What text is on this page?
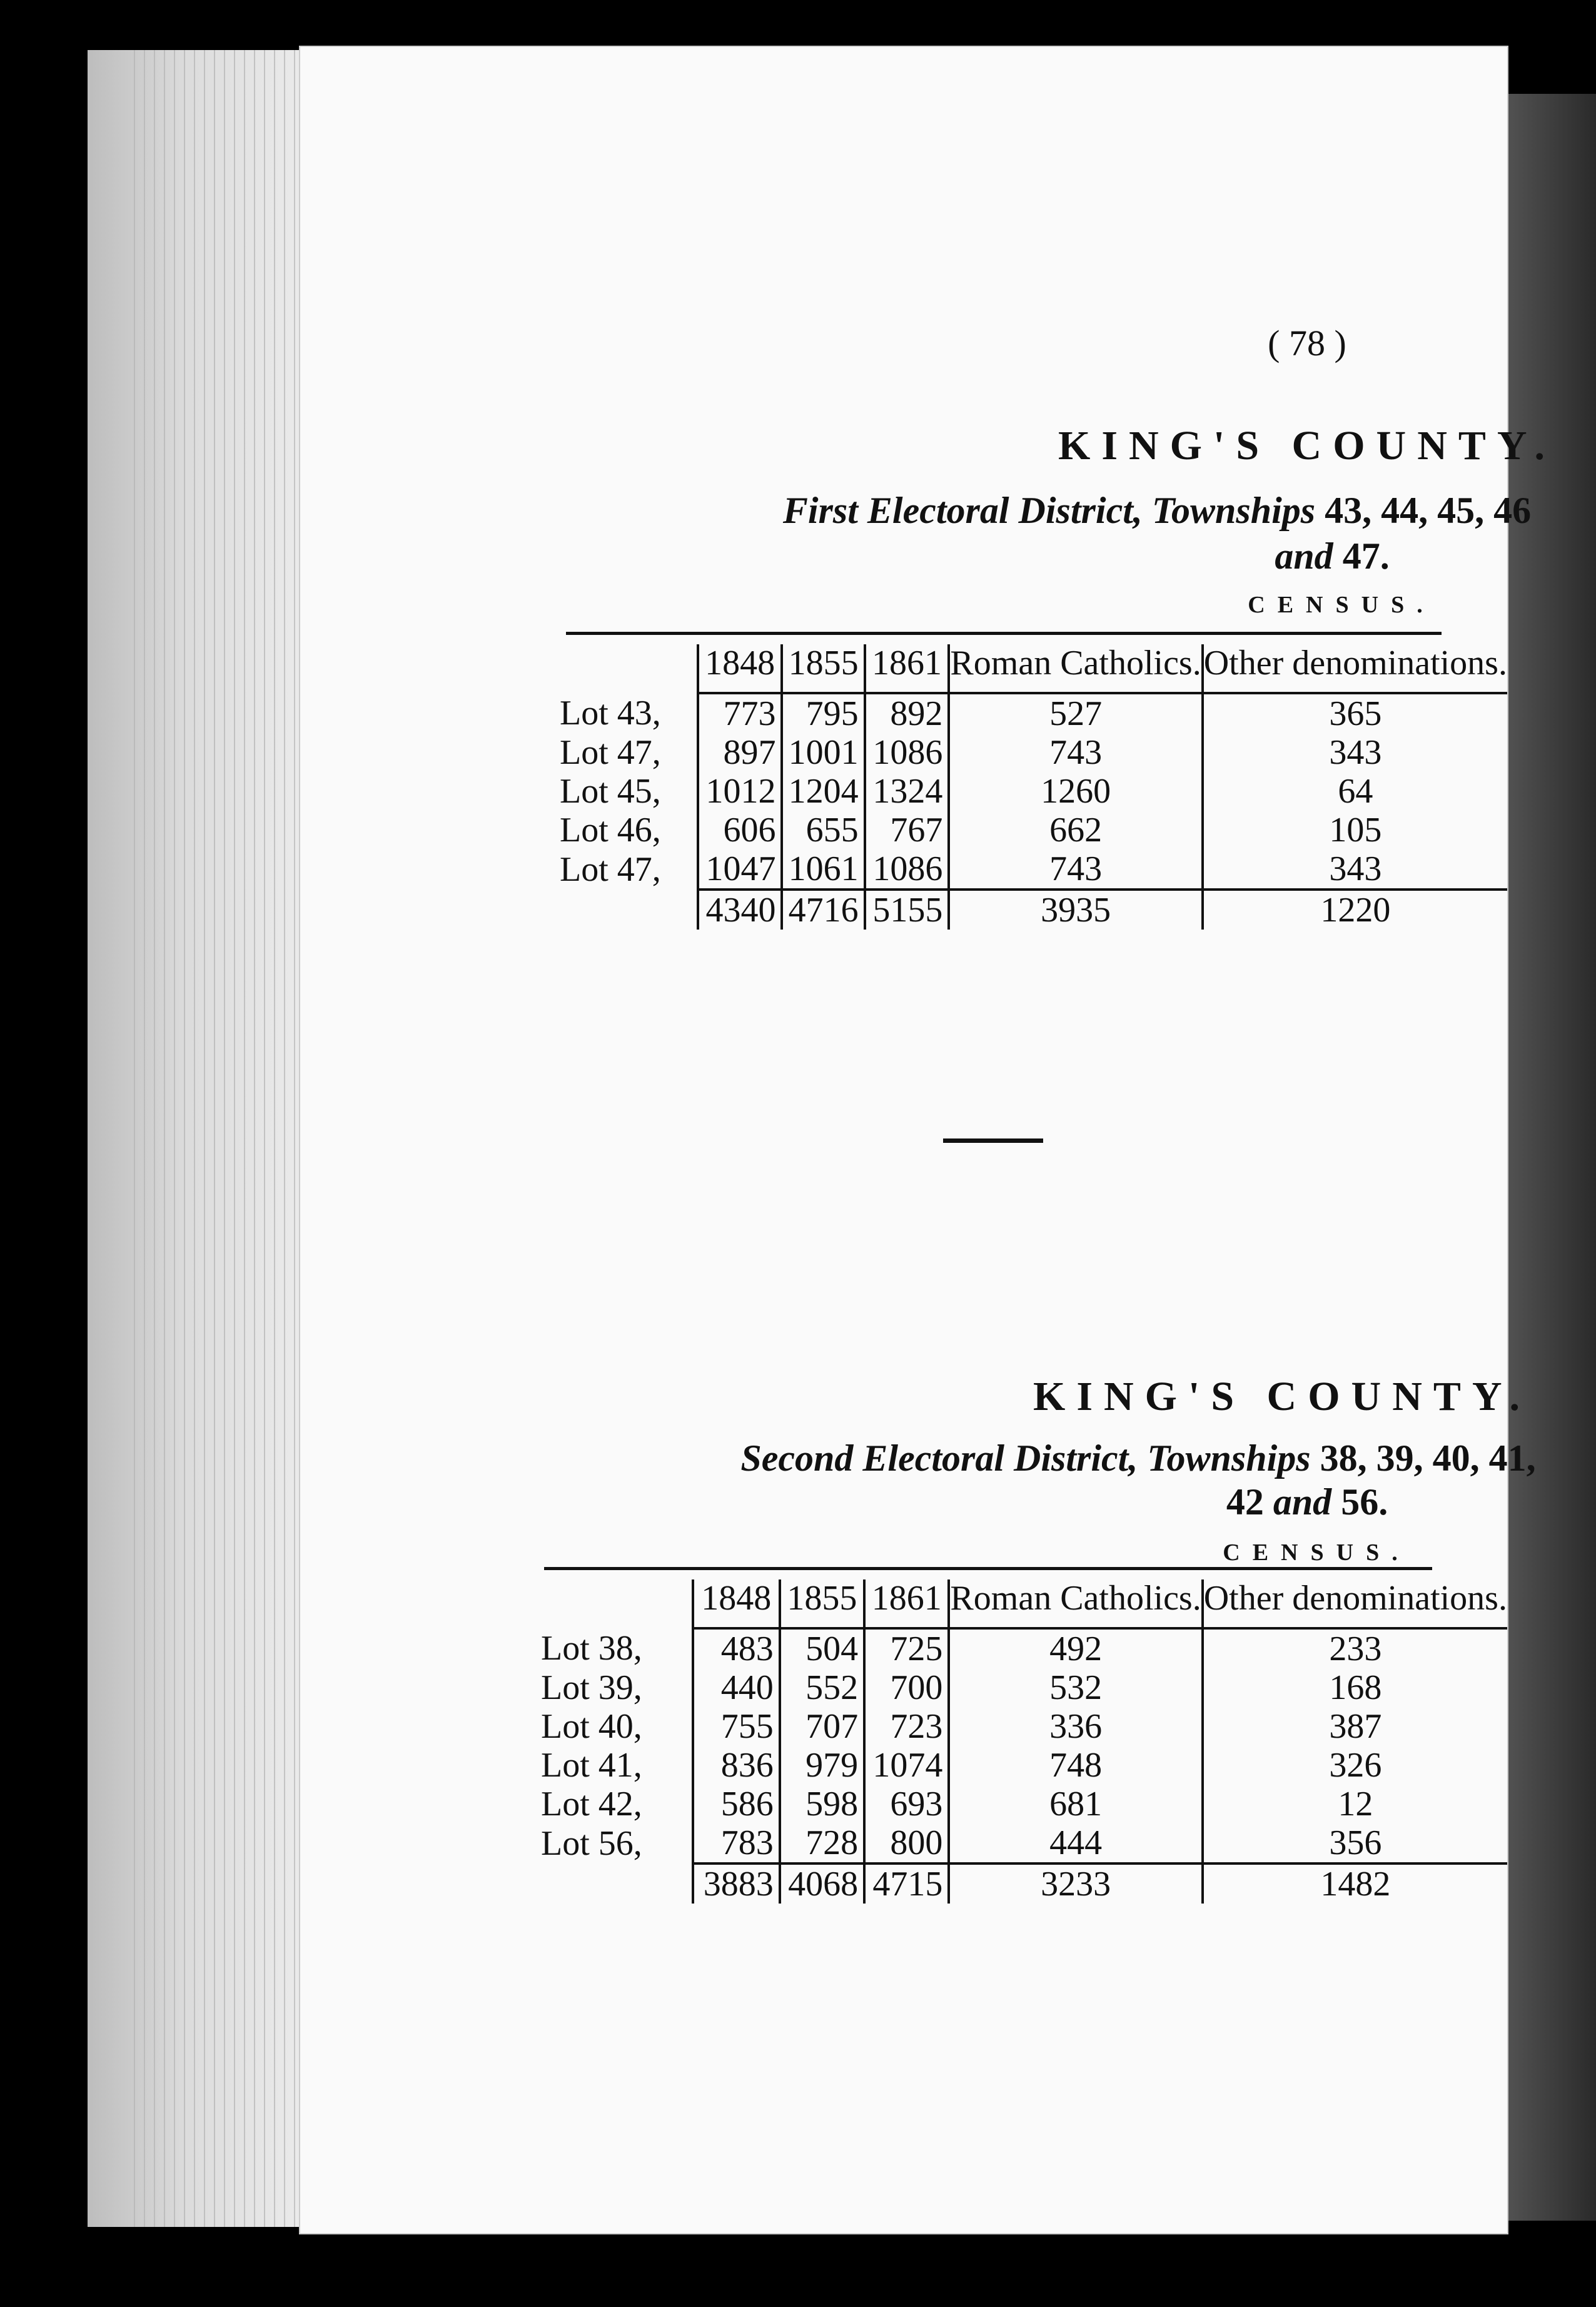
( 78 )
KING'S COUNTY.
First Electoral District, Townships 43, 44, 45, 46
and 47.
CENSUS.
	1848	1855	1861	Roman Catholics.	Other denominations.
Lot 43,	773	795	892	527	365
Lot 47,	897	1001	1086	743	343
Lot 45,	1012	1204	1324	1260	64
Lot 46,	606	655	767	662	105
Lot 47,	1047	1061	1086	743	343
	4340	4716	5155	3935	1220
KING'S COUNTY.
Second Electoral District, Townships 38, 39, 40, 41,
42 and 56.
CENSUS.
	1848	1855	1861	Roman Catholics.	Other denominations.
Lot 38,	483	504	725	492	233
Lot 39,	440	552	700	532	168
Lot 40,	755	707	723	336	387
Lot 41,	836	979	1074	748	326
Lot 42,	586	598	693	681	12
Lot 56,	783	728	800	444	356
	3883	4068	4715	3233	1482
